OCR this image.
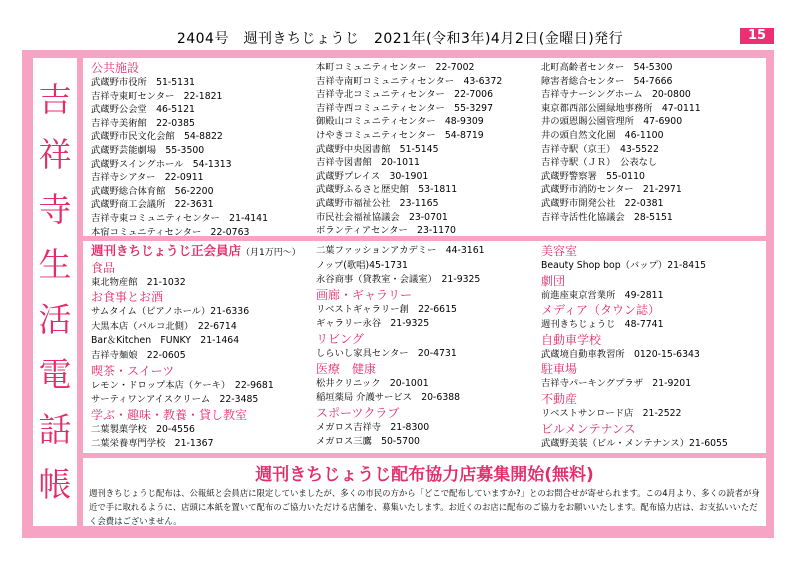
2404号　週刊きちじょうじ　2021年(令和3年)4月2日(金曜日)発行	15
吉
祥
寺
生
活
電
話
帳
公共施設
武蔵野市役所　51-5131
吉祥寺東町センター　22-1821
武蔵野公会堂　46-5121
吉祥寺美術館　22-0385
武蔵野市民文化会館　54-8822
武蔵野芸能劇場　55-3500
武蔵野スイングホール　54-1313
吉祥寺シアター　22-0911
武蔵野総合体育館　56-2200
武蔵野商工会議所　22-3631
吉祥寺東コミュニティセンター　21-4141
本宿コミュニティセンター　22-0763
本町コミュニティセンター　22-7002
吉祥寺南町コミュニティセンター　43-6372
吉祥寺北コミュニティセンター　22-7006
吉祥寺西コミュニティセンター　55-3297
御殿山コミュニティセンター　48-9309
けやきコミュニティセンター　54-8719
武蔵野中央図書館　51-5145
吉祥寺図書館　20-1011
武蔵野プレイス　30-1901
武蔵野ふるさと歴史館　53-1811
武蔵野市福祉公社　23-1165
市民社会福祉協議会　23-0701
ボランティアセンター　23-1170
北町高齢者センター　54-5300
障害者総合センター　54-7666
吉祥寺ナーシングホーム　20-0800
東京都西部公園緑地事務所　47-0111
井の頭恩賜公園管理所　47-6900
井の頭自然文化園　46-1100
吉祥寺駅（京王）　43-5522
吉祥寺駅（ＪＲ）　公表なし
武蔵野警察署　55-0110
武蔵野市消防センター　21-2971
武蔵野市開発公社　22-0381
吉祥寺活性化協議会　28-5151
週刊きちじょうじ正会員店（月1万円〜）
食品
東北物産館　21-1032
お食事とお酒
サムタイム（ピアノホール）21-6336
大黒本店（パルコ北側）　22-6714
Bar＆Kitchen　FUNKY　21-1464
吉祥寺麺娘　22-0605
喫茶・スイーツ
レモン・ドロップ本店（ケーキ）　22-9681
サーティワンアイスクリーム　22-3485
学ぶ・趣味・教養・貸し教室
二葉製菓学校　20-4556
二葉栄養専門学校　21-1367
二葉ファッションアカデミー　44-3161
ノップ(歌唱)45-1731
永谷商事（貸教室・会議室）　21-9325
画廊・ギャラリー
リベストギャラリー創　22-6615
ギャラリー永谷　21-9325
リビング
しらいし家具センター　20-4731
医療　健康
松井クリニック　20-1001
稲垣薬局 介護サービス　20-6388
スポーツクラブ
メガロス吉祥寺　21-8300
メガロス三鷹　50-5700
美容室
Beauty Shop bop（バップ）21-8415
劇団
前進座東京営業所　49-2811
メディア（タウン誌）
週刊きちじょうじ　48-7741
自動車学校
武蔵境自動車教習所　0120-15-6343
駐車場
吉祥寺パーキングプラザ　21-9201
不動産
リベストサンロード店　21-2522
ビルメンテナンス
武蔵野美装（ビル・メンテナンス）21-6055
週刊きちじょうじ配布協力店募集開始(無料)
週刊きちじょうじ配布は、公報紙と会員店に限定していましたが、多くの市民の方から「どこで配布していますか?」とのお問合せが寄せられます。この4月より、多くの読者が身近で手に取れるように、店頭に本紙を置いて配布のご協力いただける店舗を、募集いたします。お近くのお店に配布のご協力をお願いいたします。配布協力店は、お支払いいただく会費はございません。
